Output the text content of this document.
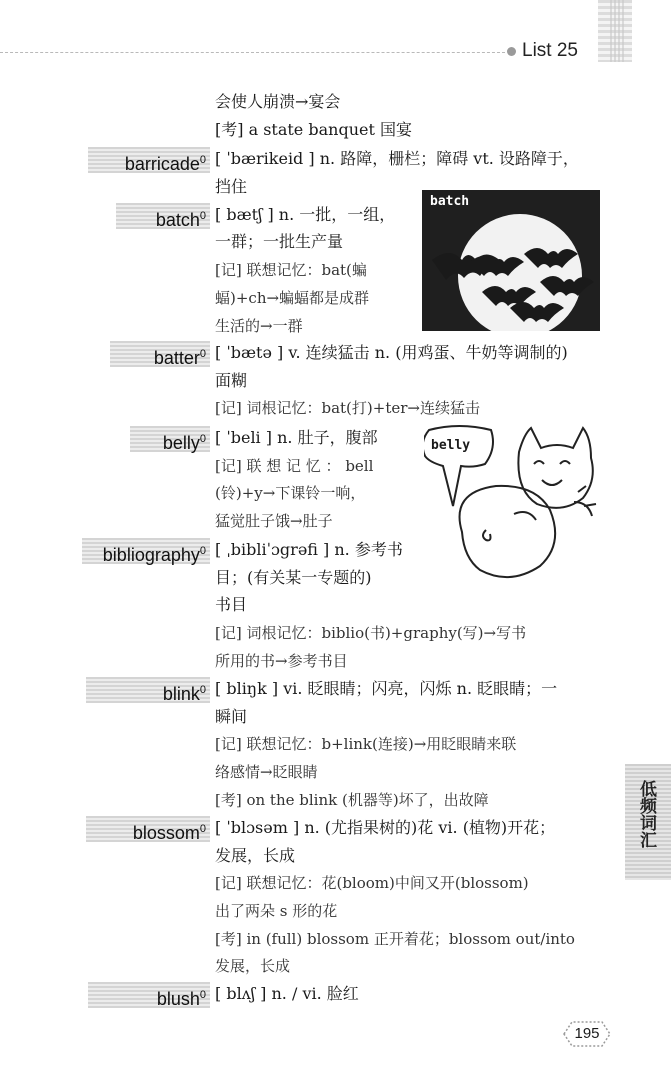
List 25
会使人崩溃→宴会
[考] a state banquet 国宴
barricade$^0$ [ ˈbærikeid ] n. 路障，栅栏；障碍 vt. 设路障于，
挡住
batch$^0$ [ bætʃ ] n. 一批，一组，
一群；一批生产量
[记] 联想记忆：bat(蝙
蝠)+ch→蝙蝠都是成群
生活的→一群
batch
batter$^0$ [ ˈbætə ] v. 连续猛击 n. (用鸡蛋、牛奶等调制的)
面糊
[记] 词根记忆：bat(打)+ter→连续猛击
belly$^0$ [ ˈbeli ] n. 肚子，腹部
[记] 联 想 记 忆 ： bell
(铃)+y→下课铃一响，
猛觉肚子饿→肚子
belly
bibliography$^0$ [ ˌbibliˈɔgrəfi ] n. 参考书
目；(有关某一专题的)
书目
[记] 词根记忆：biblio(书)+graphy(写)→写书
所用的书→参考书目
blink$^0$ [ bliŋk ] vi. 眨眼睛；闪亮，闪烁 n. 眨眼睛；一
瞬间
[记] 联想记忆：b+link(连接)→用眨眼睛来联
络感情→眨眼睛
[考] on the blink (机器等)坏了，出故障
blossom$^0$ [ ˈblɔsəm ] n. (尤指果树的)花 vi. (植物)开花；
发展，长成
[记] 联想记忆：花(bloom)中间又开(blossom)
出了两朵 s 形的花
[考] in (full) blossom 正开着花；blossom out/into
发展，长成
blush$^0$ [ blʌʃ ] n. / vi. 脸红
低频词汇
195
